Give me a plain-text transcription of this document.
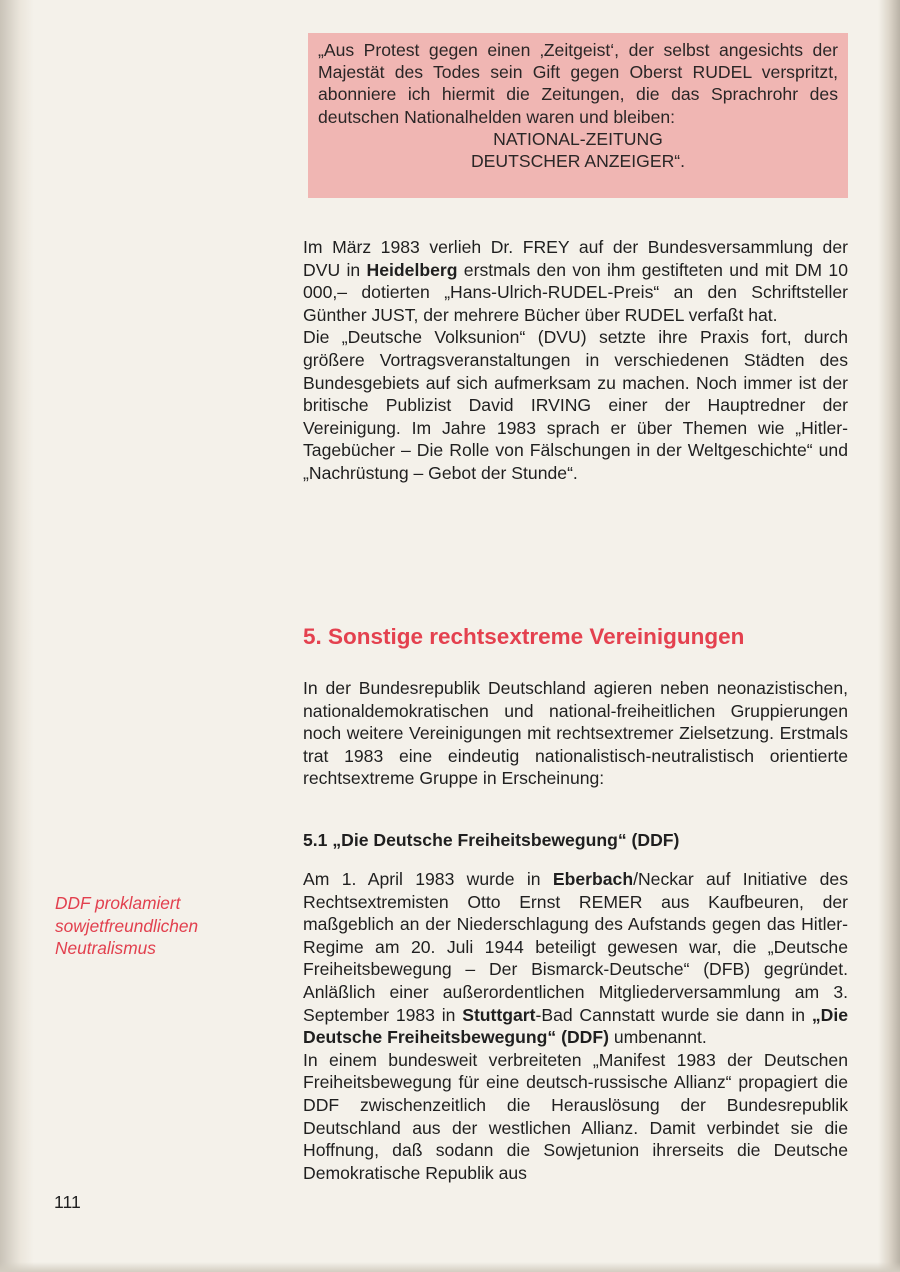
„Aus Protest gegen einen ‚Zeitgeist‘, der selbst angesichts der Majestät des Todes sein Gift gegen Oberst RUDEL verspritzt, abonniere ich hiermit die Zeitungen, die das Sprachrohr des deutschen Nationalhelden waren und bleiben:

NATIONAL-ZEITUNG

DEUTSCHER ANZEIGER“.

Im März 1983 verlieh Dr. FREY auf der Bundesversammlung der DVU in Heidelberg erstmals den von ihm gestifteten und mit DM 10 000,– dotierten „Hans-Ulrich-RUDEL-Preis“ an den Schriftsteller Günther JUST, der mehrere Bücher über RUDEL verfaßt hat.

Die „Deutsche Volksunion“ (DVU) setzte ihre Praxis fort, durch größere Vortragsveranstaltungen in verschiedenen Städten des Bundesgebiets auf sich aufmerksam zu machen. Noch immer ist der britische Publizist David IRVING einer der Hauptredner der Vereinigung. Im Jahre 1983 sprach er über Themen wie „Hitler-Tagebücher – Die Rolle von Fälschungen in der Weltgeschichte“ und „Nachrüstung – Gebot der Stunde“.

5. Sonstige rechtsextreme Vereinigungen

In der Bundesrepublik Deutschland agieren neben neonazistischen, nationaldemokratischen und national-freiheitlichen Gruppierungen noch weitere Vereinigungen mit rechtsextremer Zielsetzung. Erstmals trat 1983 eine eindeutig nationalistisch-neutralistisch orientierte rechtsextreme Gruppe in Erscheinung:

5.1 „Die Deutsche Freiheitsbewegung“ (DDF)

Am 1. April 1983 wurde in Eberbach/Neckar auf Initiative des Rechtsextremisten Otto Ernst REMER aus Kaufbeuren, der maßgeblich an der Niederschlagung des Aufstands gegen das Hitler-Regime am 20. Juli 1944 beteiligt gewesen war, die „Deutsche Freiheitsbewegung – Der Bismarck-Deutsche“ (DFB) gegründet. Anläßlich einer außerordentlichen Mitgliederversammlung am 3. September 1983 in Stuttgart-Bad Cannstatt wurde sie dann in „Die Deutsche Freiheitsbewegung“ (DDF) umbenannt.

In einem bundesweit verbreiteten „Manifest 1983 der Deutschen Freiheitsbewegung für eine deutsch-russische Allianz“ propagiert die DDF zwischenzeitlich die Herauslösung der Bundesrepublik Deutschland aus der westlichen Allianz. Damit verbindet sie die Hoffnung, daß sodann die Sowjetunion ihrerseits die Deutsche Demokratische Republik aus

DDF proklamiert sowjetfreundlichen Neutralismus
111
